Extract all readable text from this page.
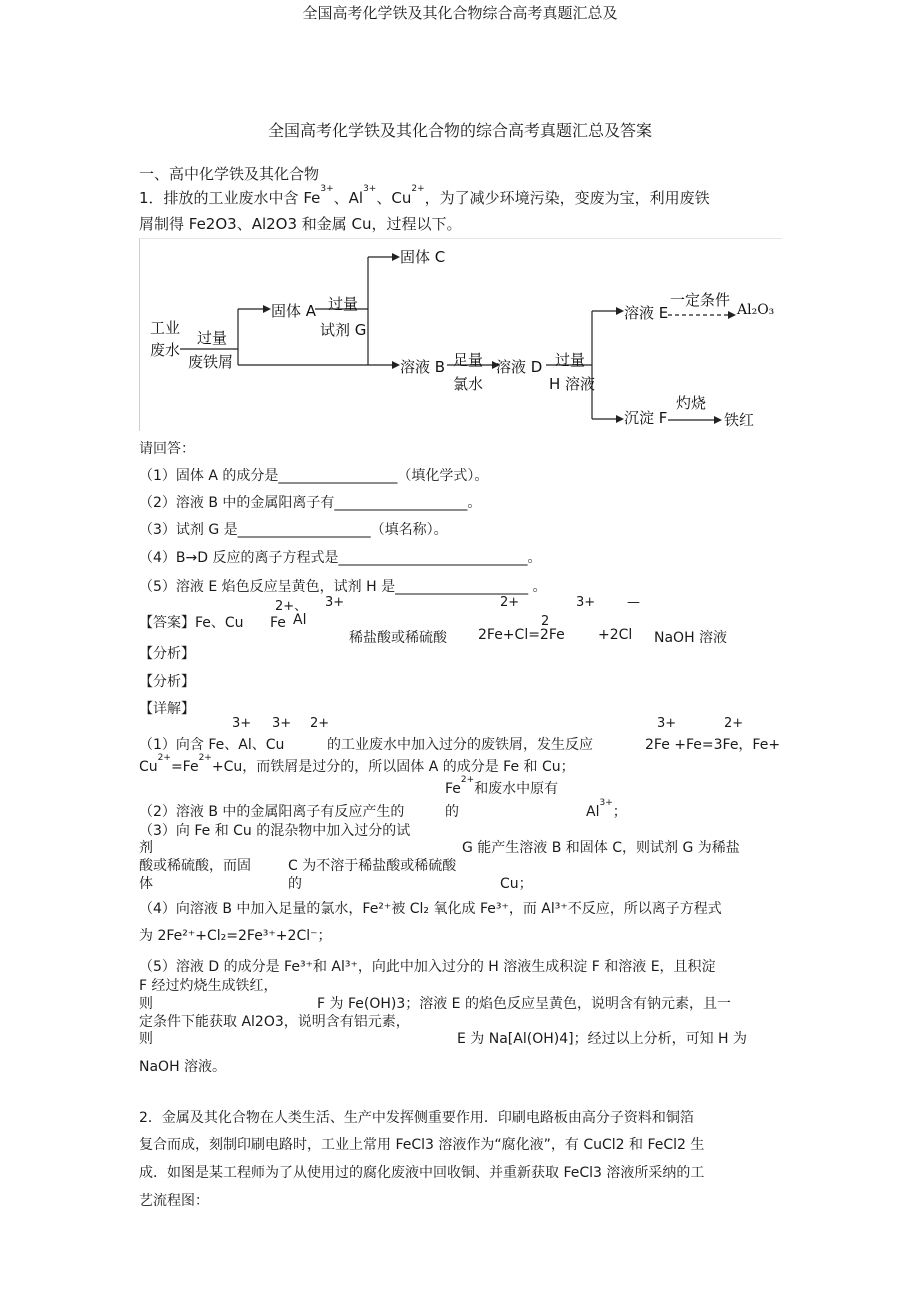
全国高考化学铁及其化合物综合高考真题汇总及
全国高考化学铁及其化合物的综合高考真题汇总及答案
一、高中化学铁及其化合物
1．排放的工业废水中含 $Fe^{3+}$、$Al^{3+}$、$Cu^{2+}$，为了减少环境污染，变废为宝，利用废铁
屑制得 Fe2O3、Al2O3 和金属 Cu，过程以下。
工业
废水
过量
废铁屑
固体 A 过量
试剂 G
固体 C
溶液 B 足量
氯水
溶液 D 过量
H 溶液
溶液 E
一定条件
Al₂O₃
沉淀 F
灼烧
铁红
请回答：
（1）固体 A 的成分是_________________（填化学式）。
（2）溶液 B 中的金属阳离子有___________________。
（3）试剂 G 是___________________（填名称）。
（4）B→D 反应的离子方程式是___________________________。
（5）溶液 E 焰色反应呈黄色，试剂 H 是___________________ 。
2+、 3+	2+	3+ —
【答案】Fe、Cu Fe Al	2
稀盐酸或稀硫酸 2Fe+Cl=2Fe +2Cl NaOH 溶液
【分析】
【分析】
【详解】
3+ 3+ 2+	3+	2+
（1）向含 Fe、Al、Cu	的工业废水中加入过分的废铁屑，发生反应	2Fe +Fe=3Fe，Fe+
$Cu^{2+}=Fe^{2+}+Cu$，而铁屑是过分的，所以固体 A 的成分是 Fe 和 Cu；
$Fe^{2+}$和废水中原有
（2）溶液 B 中的金属阳离子有反应产生的	的	$Al^{3+}$；
（3）向 Fe 和 Cu 的混杂物中加入过分的试
剂	G 能产生溶液 B 和固体 C，则试剂 G 为稀盐
酸或稀硫酸，而固	C 为不溶于稀盐酸或稀硫酸
体	的	Cu；
（4）向溶液 B 中加入足量的氯水，Fe²⁺被 Cl₂ 氧化成 Fe³⁺，而 Al³⁺不反应，所以离子方程式
为 2Fe²⁺+Cl₂=2Fe³⁺+2Cl⁻；
（5）溶液 D 的成分是 Fe³⁺和 Al³⁺，向此中加入过分的 H 溶液生成积淀 F 和溶液 E，且积淀
F 经过灼烧生成铁红，
则	F 为 Fe(OH)3；溶液 E 的焰色反应呈黄色，说明含有钠元素，且一
定条件下能获取 Al2O3，说明含有铝元素，
则	E 为 Na[Al(OH)4]；经过以上分析，可知 H 为
NaOH 溶液。
2．金属及其化合物在人类生活、生产中发挥侧重要作用．印刷电路板由高分子资料和铜箔
复合而成，刻制印刷电路时，工业上常用 FeCl3 溶液作为“腐化液”，有 CuCl2 和 FeCl2 生
成．如图是某工程师为了从使用过的腐化废液中回收铜、并重新获取 FeCl3 溶液所采纳的工
艺流程图：
